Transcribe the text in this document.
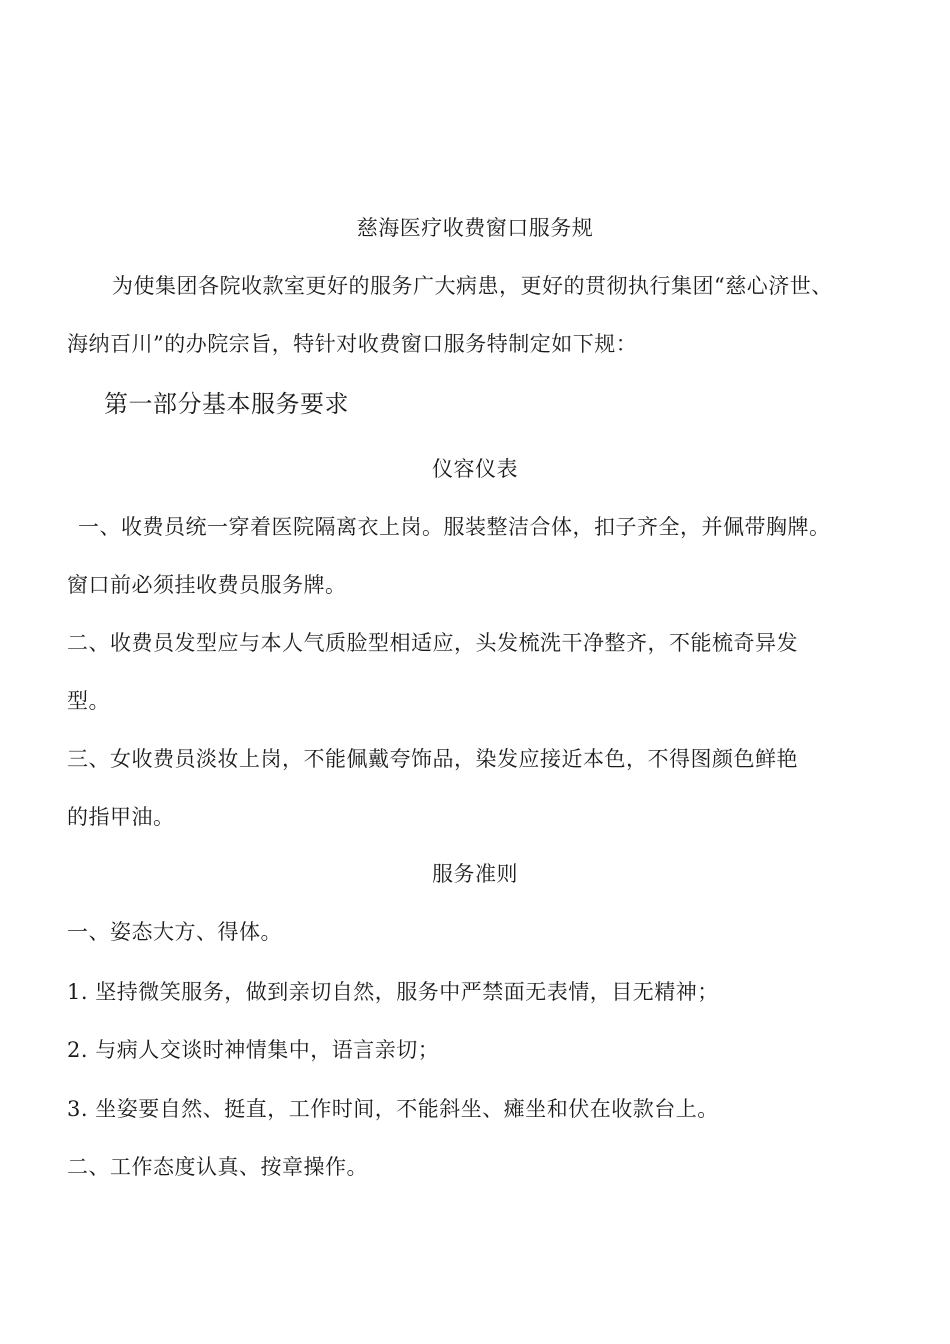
慈海医疗收费窗口服务规
为使集团各院收款室更好的服务广大病患，更好的贯彻执行集团“慈心济世、
海纳百川”的办院宗旨，特针对收费窗口服务特制定如下规：
第一部分基本服务要求
仪容仪表
一、收费员统一穿着医院隔离衣上岗。服装整洁合体，扣子齐全，并佩带胸牌。
窗口前必须挂收费员服务牌。
二、收费员发型应与本人气质脸型相适应，头发梳洗干净整齐，不能梳奇异发
型。
三、女收费员淡妆上岗，不能佩戴夸饰品，染发应接近本色，不得图颜色鲜艳
的指甲油。
服务准则
一、姿态大方、得体。
1. 坚持微笑服务，做到亲切自然，服务中严禁面无表情，目无精神；
2. 与病人交谈时神情集中，语言亲切；
3. 坐姿要自然、挺直，工作时间，不能斜坐、瘫坐和伏在收款台上。
二、工作态度认真、按章操作。
